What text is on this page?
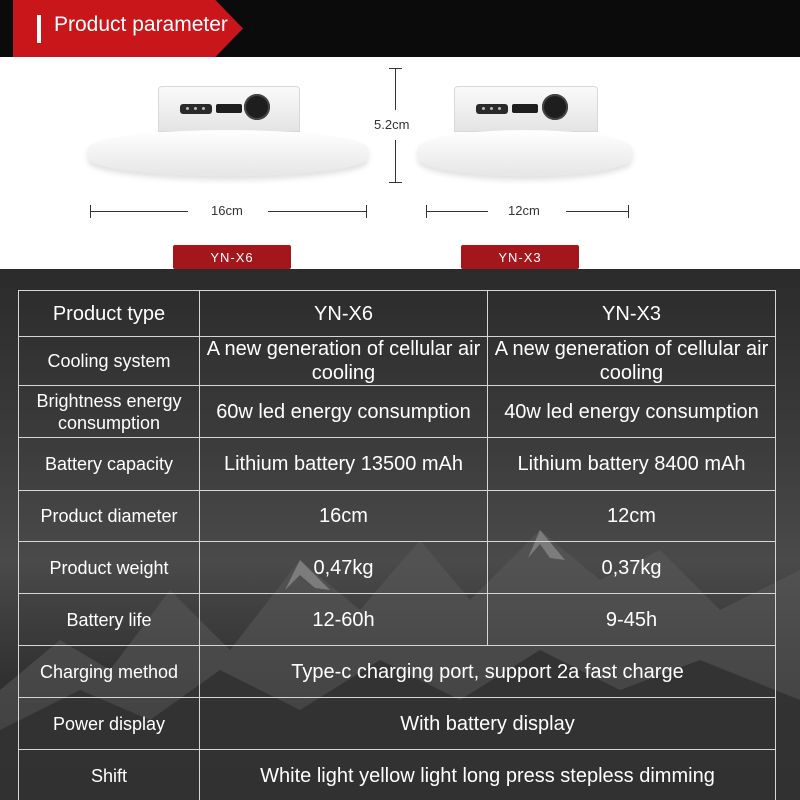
Product parameter
5.2cm
16cm	12cm
YN-X6	YN-X3
Product type	YN-X6	YN-X3
Cooling system	A new generation of cellular air cooling	A new generation of cellular air cooling
Brightness energy consumption	60w led energy consumption	40w led energy consumption
Battery capacity	Lithium battery 13500 mAh	Lithium battery 8400 mAh
Product diameter	16cm	12cm
Product weight	0,47kg	0,37kg
Battery life	12-60h	9-45h
Charging method	Type-c charging port, support 2a fast charge	
Power display	With battery display	
Shift	White light yellow light long press stepless dimming	
